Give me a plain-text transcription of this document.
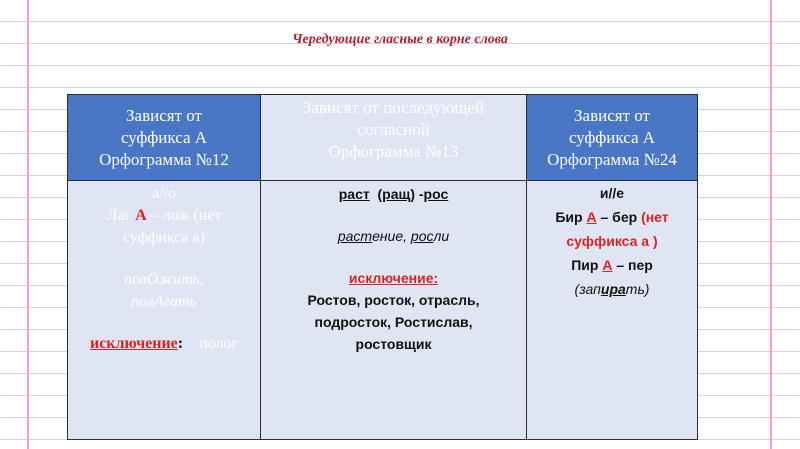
Чередующие гласные в корне слова
Зависят от
суффикса А
Орфограмма №12
Зависят от последующей
согласной
Орфограмма №13
Зависят от
суффикса А
Орфограмма №24
а//о
Лаг А – лож (нет
суффикса а)
полОжить,
полАгать
исключение: полог
раст  (ращ) -рос
растение, росли
исключение:
Ростов, росток, отрасль,
подросток, Ростислав,
ростовщик
и//е
Бир А – бер (нет
суффикса а )
Пир А – пер
(запирать)
